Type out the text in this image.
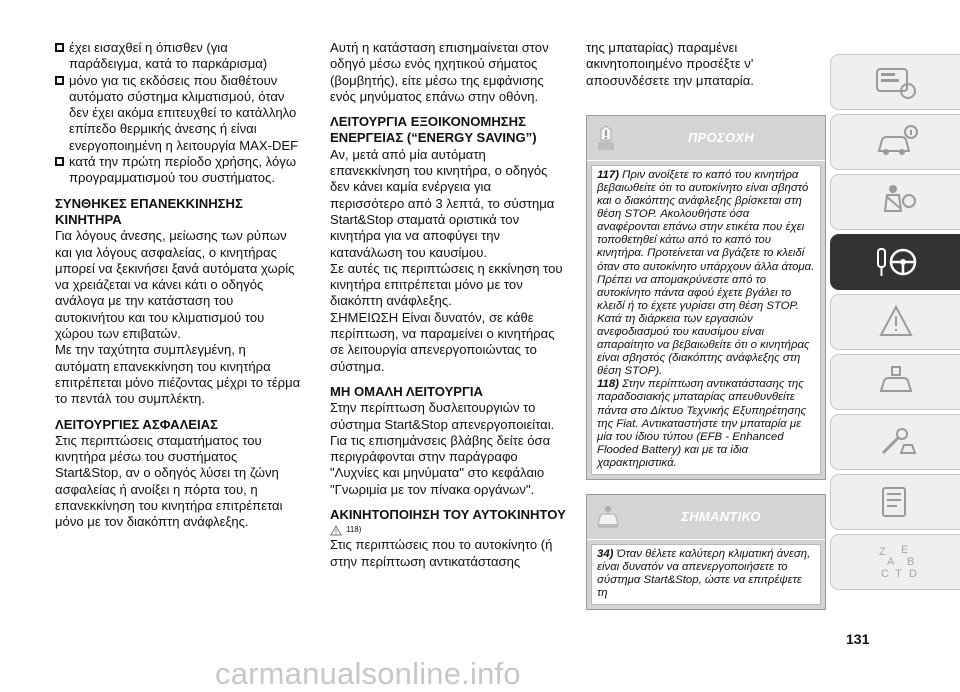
έχει εισαχθεί η όπισθεν (για παράδειγμα, κατά το παρκάρισμα)

μόνο για τις εκδόσεις που διαθέτουν αυτόματο σύστημα κλιματισμού, όταν δεν έχει ακόμα επιτευχθεί το κατάλληλο επίπεδο θερμικής άνεσης ή είναι ενεργοποιημένη η λειτουργία MAX-DEF

κατά την πρώτη περίοδο χρήσης, λόγω προγραμματισμού του συστήματος.

ΣΥΝΘΗΚΕΣ ΕΠΑΝΕΚΚΙΝΗΣΗΣ ΚΙΝΗΤΗΡΑ

Για λόγους άνεσης, μείωσης των ρύπων και για λόγους ασφαλείας, ο κινητήρας μπορεί να ξεκινήσει ξανά αυτόματα χωρίς να χρειάζεται να κάνει κάτι ο οδηγός ανάλογα με την κατάσταση του αυτοκινήτου και του κλιματισμού του χώρου των επιβατών.

Με την ταχύτητα συμπλεγμένη, η αυτόματη επανεκκίνηση του κινητήρα επιτρέπεται μόνο πιέζοντας μέχρι το τέρμα το πεντάλ του συμπλέκτη.

ΛΕΙΤΟΥΡΓΙΕΣ ΑΣΦΑΛΕΙΑΣ

Στις περιπτώσεις σταματήματος του κινητήρα μέσω του συστήματος Start&Stop, αν ο οδηγός λύσει τη ζώνη ασφαλείας ή ανοίξει η πόρτα του, η επανεκκίνηση του κινητήρα επιτρέπεται μόνο με τον διακόπτη ανάφλεξης.

Αυτή η κατάσταση επισημαίνεται στον οδηγό μέσω ενός ηχητικού σήματος (βομβητής), είτε μέσω της εμφάνισης ενός μηνύματος επάνω στην οθόνη.

ΛΕΙΤΟΥΡΓΙΑ ΕΞΟΙΚΟΝΟΜΗΣΗΣ ΕΝΕΡΓΕΙΑΣ (“ENERGY SAVING”)

Αν, μετά από μία αυτόματη επανεκκίνηση του κινητήρα, ο οδηγός δεν κάνει καμία ενέργεια για περισσότερο από 3 λεπτά, το σύστημα Start&Stop σταματά οριστικά τον κινητήρα για να αποφύγει την κατανάλωση του καυσίμου.

Σε αυτές τις περιπτώσεις η εκκίνηση του κινητήρα επιτρέπεται μόνο με τον διακόπτη ανάφλεξης.

ΣΗΜΕΙΩΣΗ Είναι δυνατόν, σε κάθε περίπτωση, να παραμείνει ο κινητήρας σε λειτουργία απενεργοποιώντας το σύστημα.

ΜΗ ΟΜΑΛΗ ΛΕΙΤΟΥΡΓΙΑ

Στην περίπτωση δυσλειτουργιών το σύστημα Start&Stop απενεργοποιείται.

Για τις επισημάνσεις βλάβης δείτε όσα περιγράφονται στην παράγραφο "Λυχνίες και μηνύματα" στο κεφάλαιο "Γνωριμία με τον πίνακα οργάνων".

ΑΚΙΝΗΤΟΠΟΙΗΣΗ ΤΟΥ ΑΥΤΟΚΙΝΗΤΟΥ

118)

Στις περιπτώσεις που το αυτοκίνητο (ή στην περίπτωση αντικατάστασης

της μπαταρίας) παραμένει ακινητοποιημένο προσέξτε ν' αποσυνδέσετε την μπαταρία.

ΠΡΟΣΟΧΗ
117) Πριν ανοίξετε το καπό του κινητήρα βεβαιωθείτε ότι το αυτοκίνητο είναι σβηστό και ο διακόπτης ανάφλεξης βρίσκεται στη θέση STOP. Ακολουθήστε όσα αναφέρονται επάνω στην ετικέτα που έχει τοποθετηθεί κάτω από το καπό του κινητήρα. Προτείνεται να βγάζετε το κλειδί όταν στο αυτοκίνητο υπάρχουν άλλα άτομα. Πρέπει να απομακρύνεστε από το αυτοκίνητο πάντα αφού έχετε βγάλει το κλειδί ή το έχετε γυρίσει στη θέση STOP. Κατά τη διάρκεια των εργασιών ανεφοδιασμού του καυσίμου είναι απαραίτητο να βεβαιωθείτε ότι ο κινητήρας είναι σβηστός (διακόπτης ανάφλεξης στη θέση STOP).
118) Στην περίπτωση αντικατάστασης της παραδοσιακής μπαταρίας απευθυνθείτε πάντα στο Δίκτυο Τεχνικής Εξυπηρέτησης της Fiat. Αντικαταστήστε την μπαταρία με μία του ίδιου τύπου (EFB - Enhanced Flooded Battery) και με τα ίδια χαρακτηριστικά.
ΣΗΜΑΝΤΙΚΟ
34) Όταν θέλετε καλύτερη κλιματική άνεση, είναι δυνατόν να απενεργοποιήσετε το σύστημα Start&Stop, ώστε να επιτρέψετε τη
Z E
A B
C T D
131
carmanualsonline.info
